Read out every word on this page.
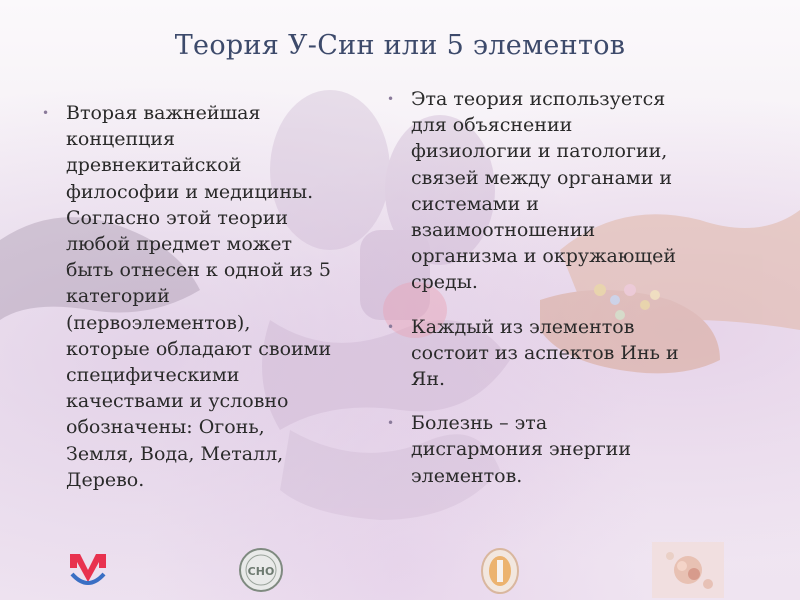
Теория У-Син или 5 элементов
• Вторая важнейшая
концепция
древнекитайской
философии и медицины.
Согласно этой теории
любой предмет может
быть отнесен к одной из 5
категорий
(первоэлементов),
которые обладают своими
специфическими
качествами и условно
обозначены: Огонь,
Земля, Вода, Металл,
Дерево.
• Эта теория используется
для объяснении
физиологии и патологии,
связей между органами и
системами и
взаимоотношении
организма и окружающей
среды.
• Каждый из элементов
состоит из аспектов Инь и
Ян.
• Болезнь – эта
дисгармония энергии
элементов.
СНО
